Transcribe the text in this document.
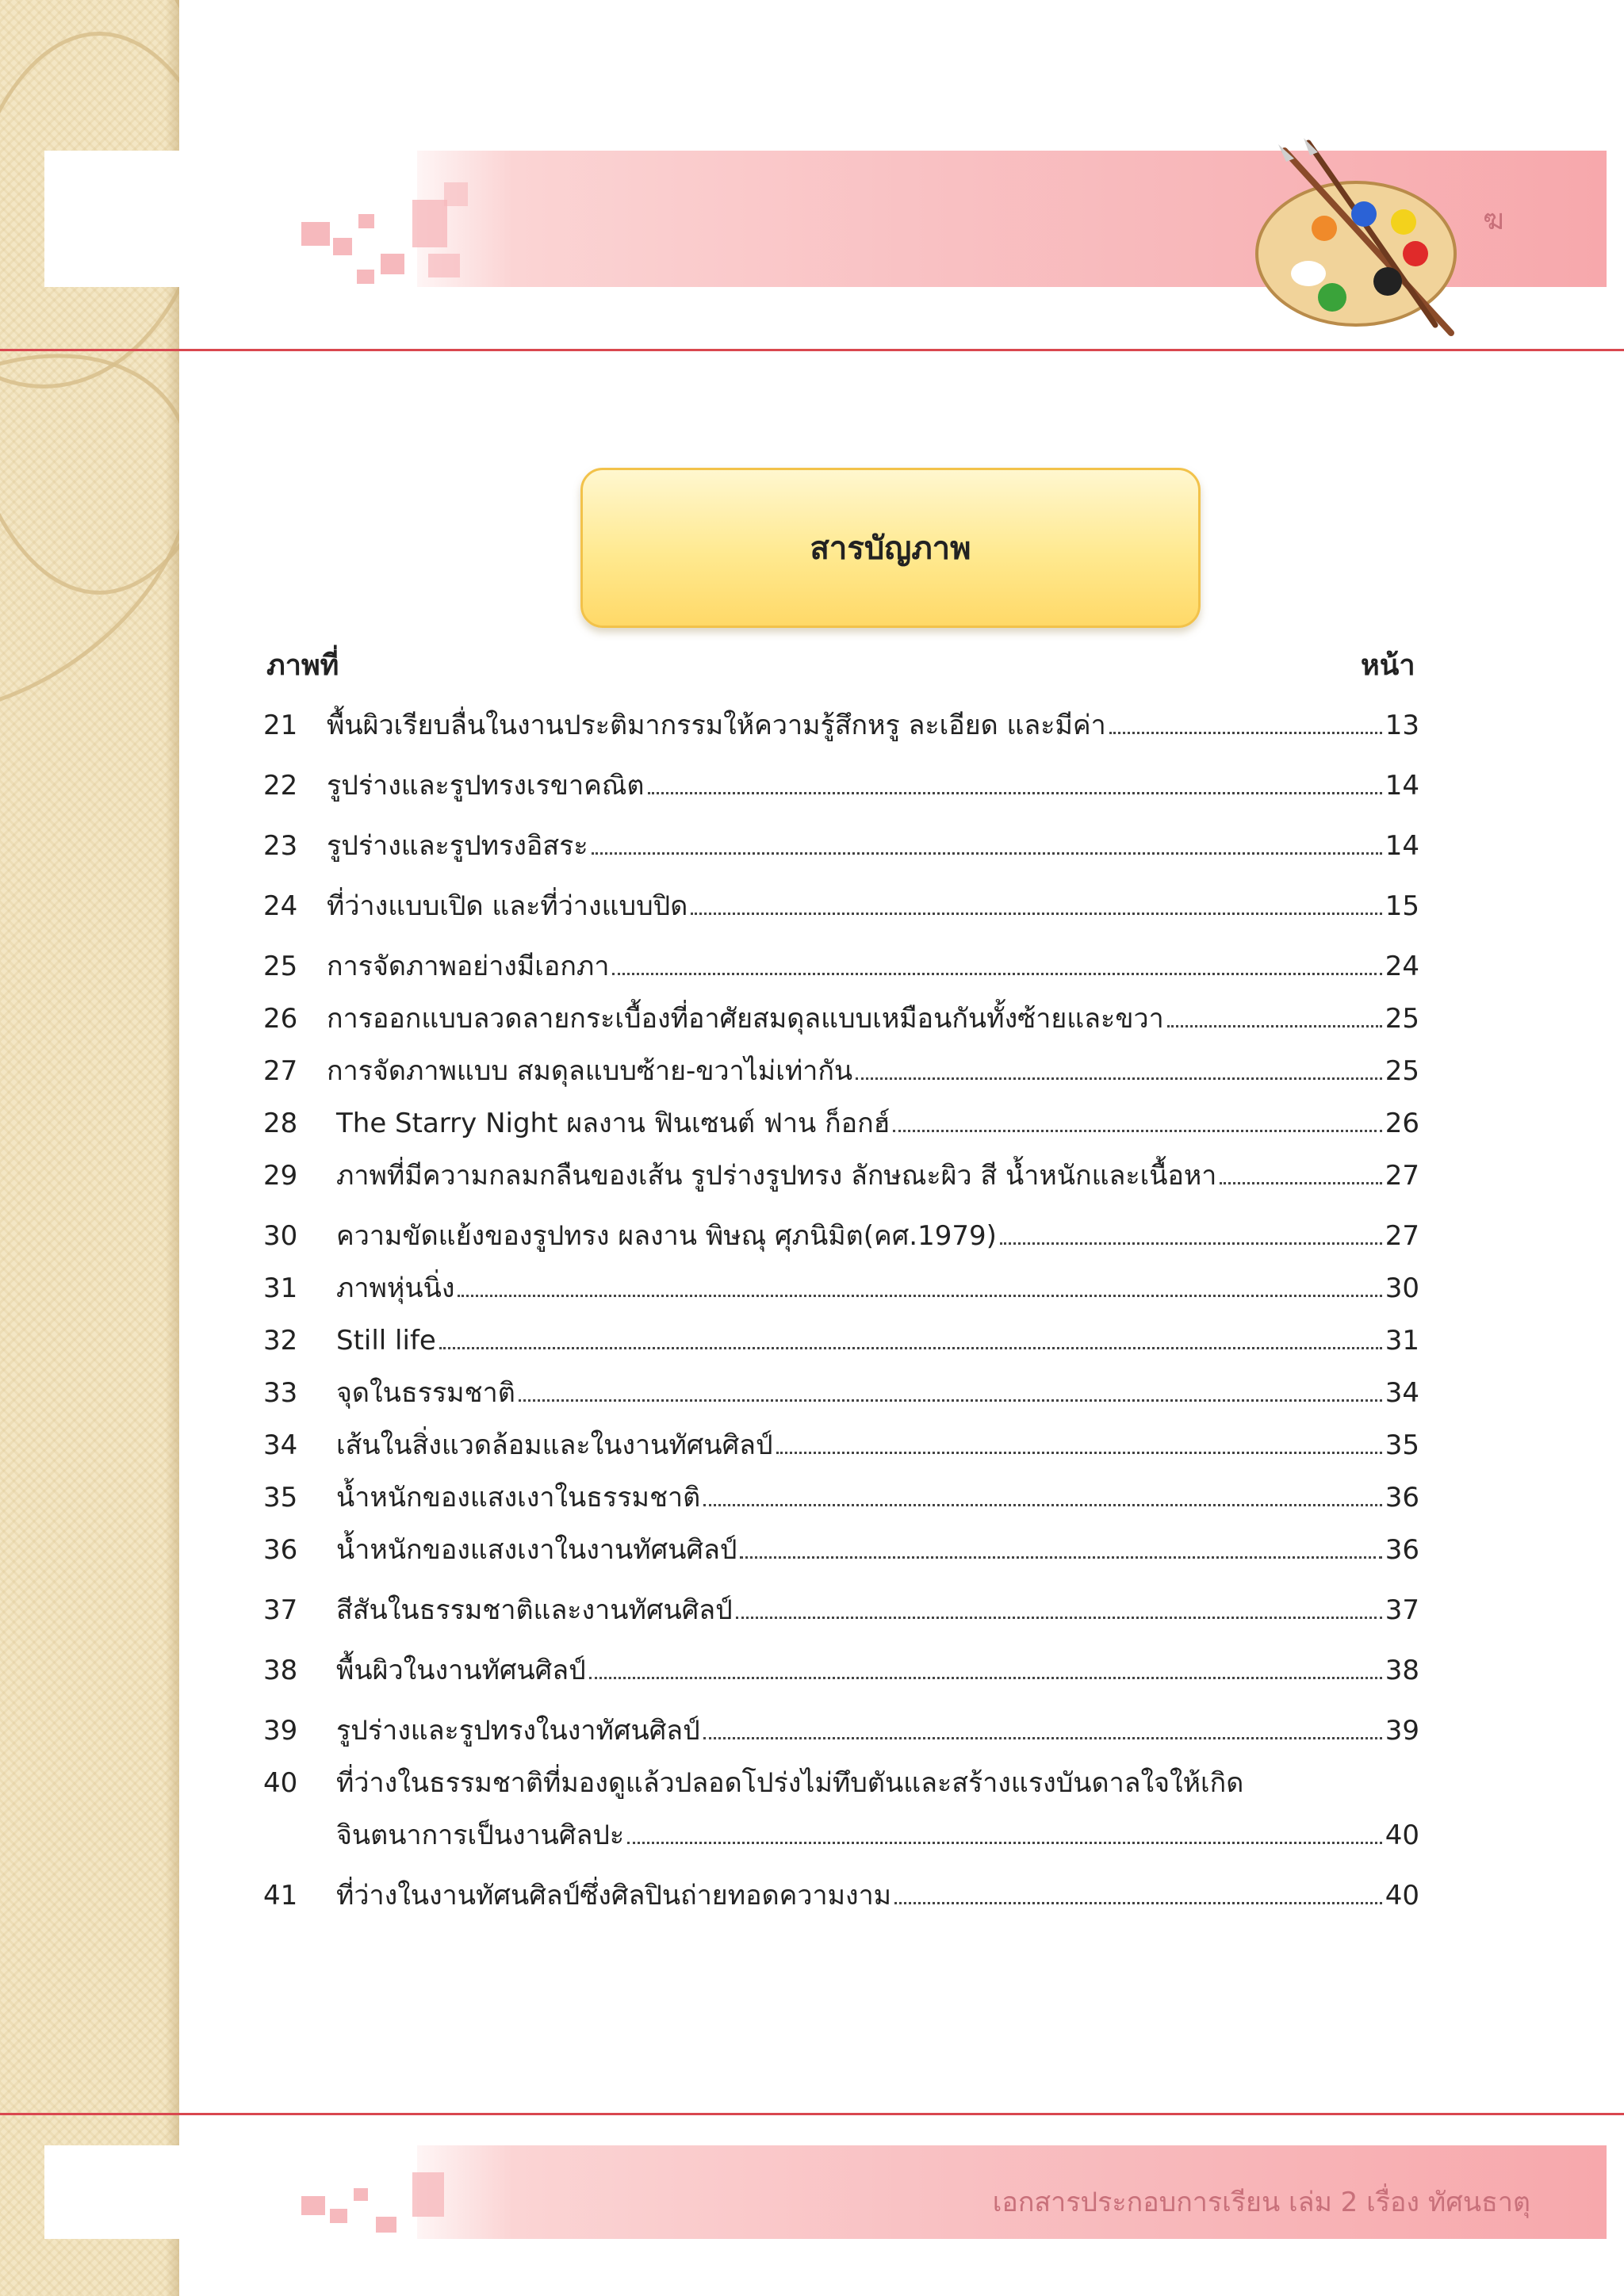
ฆ
สารบัญภาพ
ภาพที่	หน้า
21	พื้นผิวเรียบลื่นในงานประติมากรรมให้ความรู้สึกหรู ละเอียด และมีค่า	13
22	รูปร่างและรูปทรงเรขาคณิต	14
23	รูปร่างและรูปทรงอิสระ	14
24	ที่ว่างแบบเปิด และที่ว่างแบบปิด	15
25	การจัดภาพอย่างมีเอกภา	24
26	การออกแบบลวดลายกระเบื้องที่อาศัยสมดุลแบบเหมือนกันทั้งซ้ายและขวา	25
27	การจัดภาพแบบ สมดุลแบบซ้าย-ขวาไม่เท่ากัน	25
28	The Starry Night ผลงาน ฟินเซนต์ ฟาน ก็อกฮ์	26
29	ภาพที่มีความกลมกลืนของเส้น รูปร่างรูปทรง ลักษณะผิว สี น้ำหนักและเนื้อหา	27
30	ความขัดแย้งของรูปทรง ผลงาน พิษณุ ศุภนิมิต(คศ.1979)	27
31	ภาพหุ่นนิ่ง	30
32	Still life	31
33	จุดในธรรมชาติ	34
34	เส้นในสิ่งแวดล้อมและในงานทัศนศิลป์	35
35	น้ำหนักของแสงเงาในธรรมชาติ	36
36	น้ำหนักของแสงเงาในงานทัศนศิลป์	36
37	สีสันในธรรมชาติและงานทัศนศิลป์	37
38	พื้นผิวในงานทัศนศิลป์	38
39	รูปร่างและรูปทรงในงาทัศนศิลป์	39
40	ที่ว่างในธรรมชาติที่มองดูแล้วปลอดโปร่งไม่ทึบตันและสร้างแรงบันดาลใจให้เกิด
จินตนาการเป็นงานศิลปะ	40
41	ที่ว่างในงานทัศนศิลป์ซึ่งศิลปินถ่ายทอดความงาม	40
เอกสารประกอบการเรียน เล่ม 2 เรื่อง ทัศนธาตุ
